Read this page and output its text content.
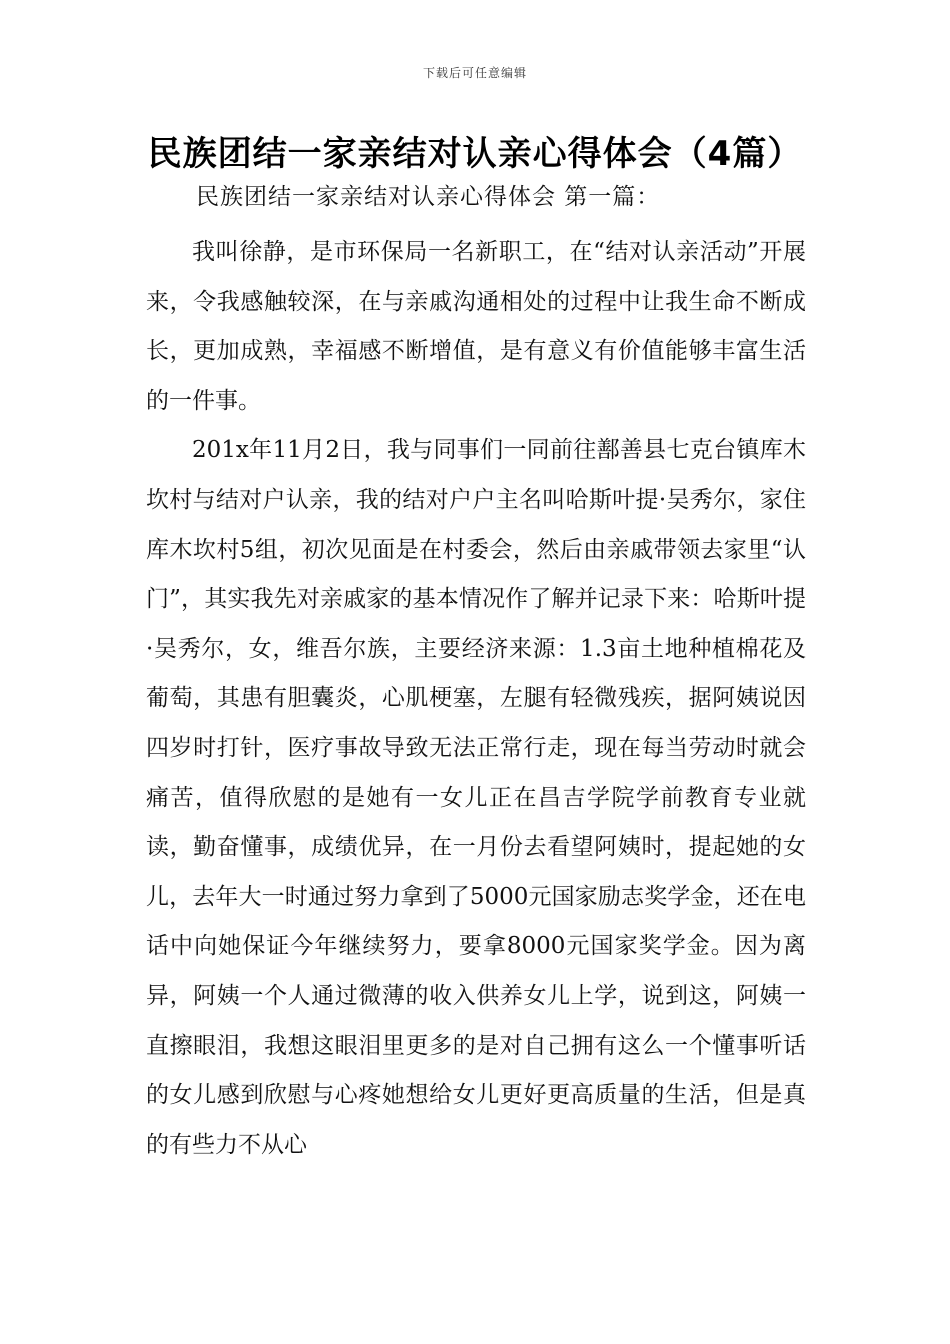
下载后可任意编辑
民族团结一家亲结对认亲心得体会（4篇）
民族团结一家亲结对认亲心得体会 第一篇：

我叫徐静，是市环保局一名新职工，在“结对认亲活动”开展来，令我感触较深，在与亲戚沟通相处的过程中让我生命不断成长，更加成熟，幸福感不断增值，是有意义有价值能够丰富生活的一件事。

201x年11月2日，我与同事们一同前往鄯善县七克台镇库木坎村与结对户认亲，我的结对户户主名叫哈斯叶提·吴秀尔，家住库木坎村5组，初次见面是在村委会，然后由亲戚带领去家里“认门”，其实我先对亲戚家的基本情况作了解并记录下来：哈斯叶提·吴秀尔，女，维吾尔族，主要经济来源：1.3亩土地种植棉花及葡萄，其患有胆囊炎，心肌梗塞，左腿有轻微残疾，据阿姨说因四岁时打针，医疗事故导致无法正常行走，现在每当劳动时就会痛苦，值得欣慰的是她有一女儿正在昌吉学院学前教育专业就读，勤奋懂事，成绩优异，在一月份去看望阿姨时，提起她的女儿，去年大一时通过努力拿到了5000元国家励志奖学金，还在电话中向她保证今年继续努力，要拿8000元国家奖学金。因为离异，阿姨一个人通过微薄的收入供养女儿上学，说到这，阿姨一直擦眼泪，我想这眼泪里更多的是对自己拥有这么一个懂事听话的女儿感到欣慰与心疼她想给女儿更好更高质量的生活，但是真的有些力不从心
